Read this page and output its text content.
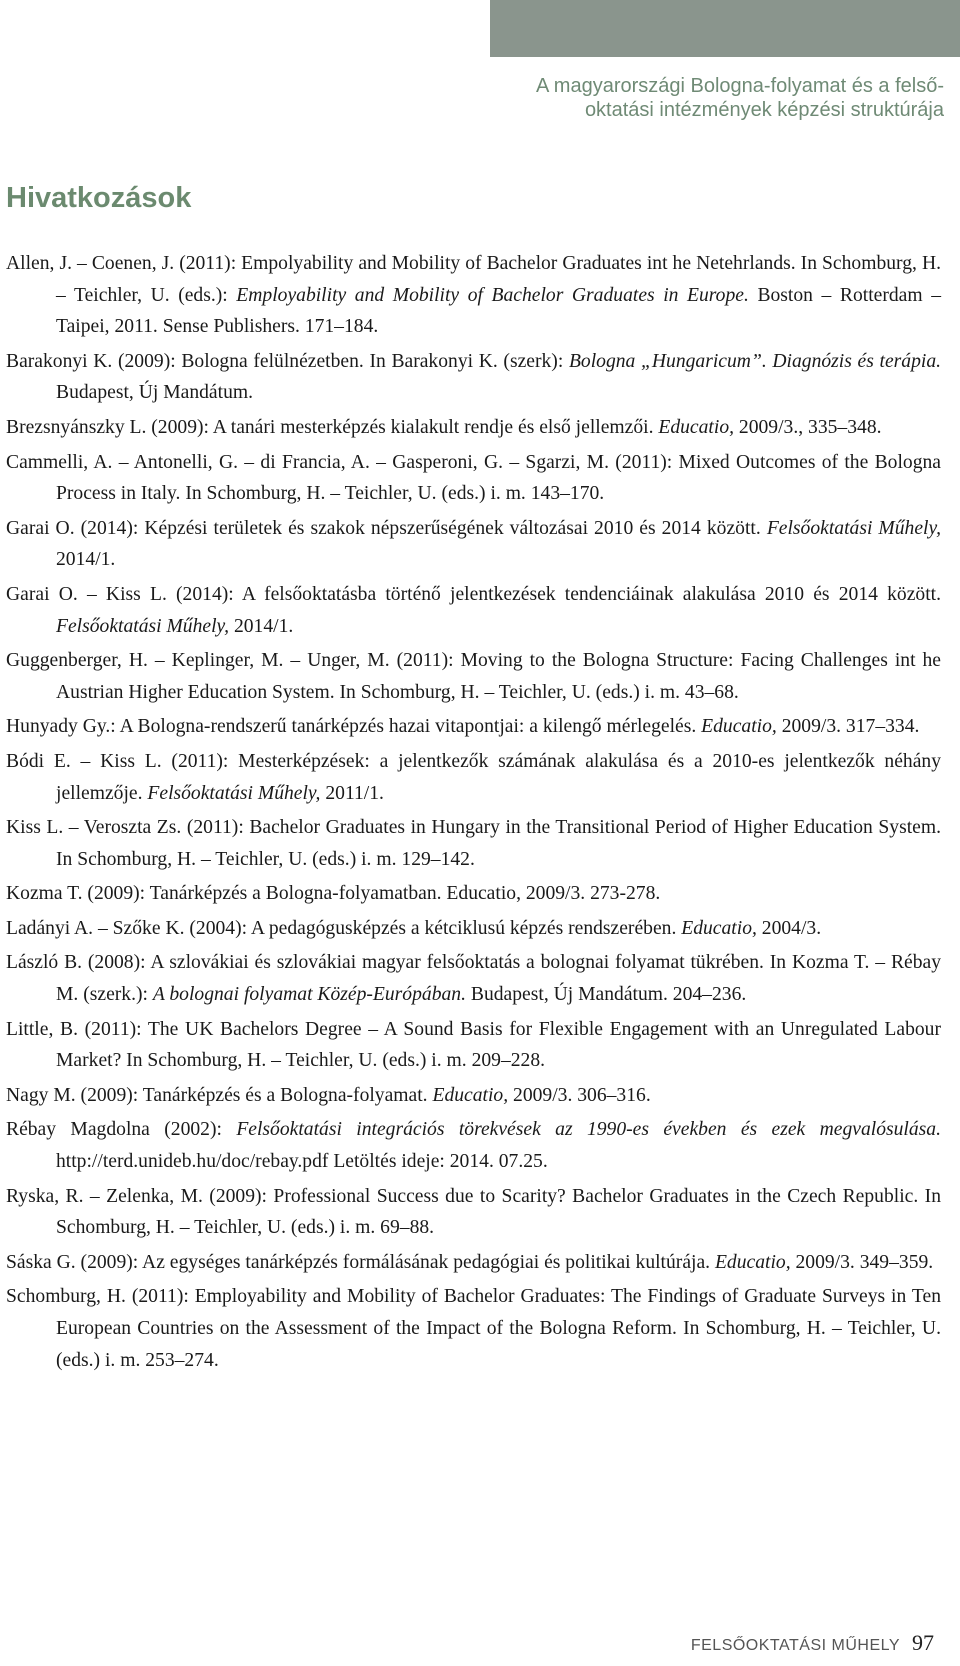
A magyarországi Bologna-folyamat és a felső-
oktatási intézmények képzési struktúrája
Hivatkozások

Allen, J. – Coenen, J. (2011): Empolyability and Mobility of Bachelor Graduates int he Netehrlands. In Schomburg, H. – Teichler, U. (eds.): Employability and Mobility of Bachelor Graduates in Europe. Boston – Rotterdam – Taipei, 2011. Sense Publishers. 171–184.

Barakonyi K. (2009): Bologna felülnézetben. In Barakonyi K. (szerk): Bologna „Hungaricum”. Diagnózis és terápia. Budapest, Új Mandátum.

Brezsnyánszky L. (2009): A tanári mesterképzés kialakult rendje és első jellemzői. Educatio, 2009/3., 335–348.

Cammelli, A. – Antonelli, G. – di Francia, A. – Gasperoni, G. – Sgarzi, M. (2011): Mixed Outcomes of the Bologna Process in Italy. In Schomburg, H. – Teichler, U. (eds.) i. m. 143–170.

Garai O. (2014): Képzési területek és szakok népszerűségének változásai 2010 és 2014 között. Felsőoktatási Műhely, 2014/1.

Garai O. – Kiss L. (2014): A felsőoktatásba történő jelentkezések tendenciáinak alakulása 2010 és 2014 között. Felsőoktatási Műhely, 2014/1.

Guggenberger, H. – Keplinger, M. – Unger, M. (2011): Moving to the Bologna Structure: Facing Challenges int he Austrian Higher Education System. In Schomburg, H. – Teichler, U. (eds.) i. m. 43–68.

Hunyady Gy.: A Bologna-rendszerű tanárképzés hazai vitapontjai: a kilengő mérlegelés. Educatio, 2009/3. 317–334.

Bódi E. – Kiss L. (2011): Mesterképzések: a jelentkezők számának alakulása és a 2010-es jelentkezők néhány jellemzője. Felsőoktatási Műhely, 2011/1.

Kiss L. – Veroszta Zs. (2011): Bachelor Graduates in Hungary in the Transitional Period of Higher Education System. In Schomburg, H. – Teichler, U. (eds.) i. m. 129–142.

Kozma T. (2009): Tanárképzés a Bologna-folyamatban. Educatio, 2009/3. 273-278.

Ladányi A. – Szőke K. (2004): A pedagógusképzés a kétciklusú képzés rendszerében. Educatio, 2004/3.

László B. (2008): A szlovákiai és szlovákiai magyar felsőoktatás a bolognai folyamat tükrében. In Kozma T. – Rébay M. (szerk.): A bolognai folyamat Közép-Európában. Budapest, Új Mandátum. 204–236.

Little, B. (2011): The UK Bachelors Degree – A Sound Basis for Flexible Engagement with an Unregulated Labour Market? In Schomburg, H. – Teichler, U. (eds.) i. m. 209–228.

Nagy M. (2009): Tanárképzés és a Bologna-folyamat. Educatio, 2009/3. 306–316.

Rébay Magdolna (2002): Felsőoktatási integrációs törekvések az 1990-es években és ezek megvalósulása. http://terd.unideb.hu/doc/rebay.pdf Letöltés ideje: 2014. 07.25.

Ryska, R. – Zelenka, M. (2009): Professional Success due to Scarity? Bachelor Graduates in the Czech Republic. In Schomburg, H. – Teichler, U. (eds.) i. m. 69–88.

Sáska G. (2009): Az egységes tanárképzés formálásának pedagógiai és politikai kultúrája. Educatio, 2009/3. 349–359.

Schomburg, H. (2011): Employability and Mobility of Bachelor Graduates: The Findings of Graduate Surveys in Ten European Countries on the Assessment of the Impact of the Bologna Reform. In Schomburg, H. – Teichler, U. (eds.) i. m. 253–274.

FELSŐOKTATÁSI MŰHELY 97
